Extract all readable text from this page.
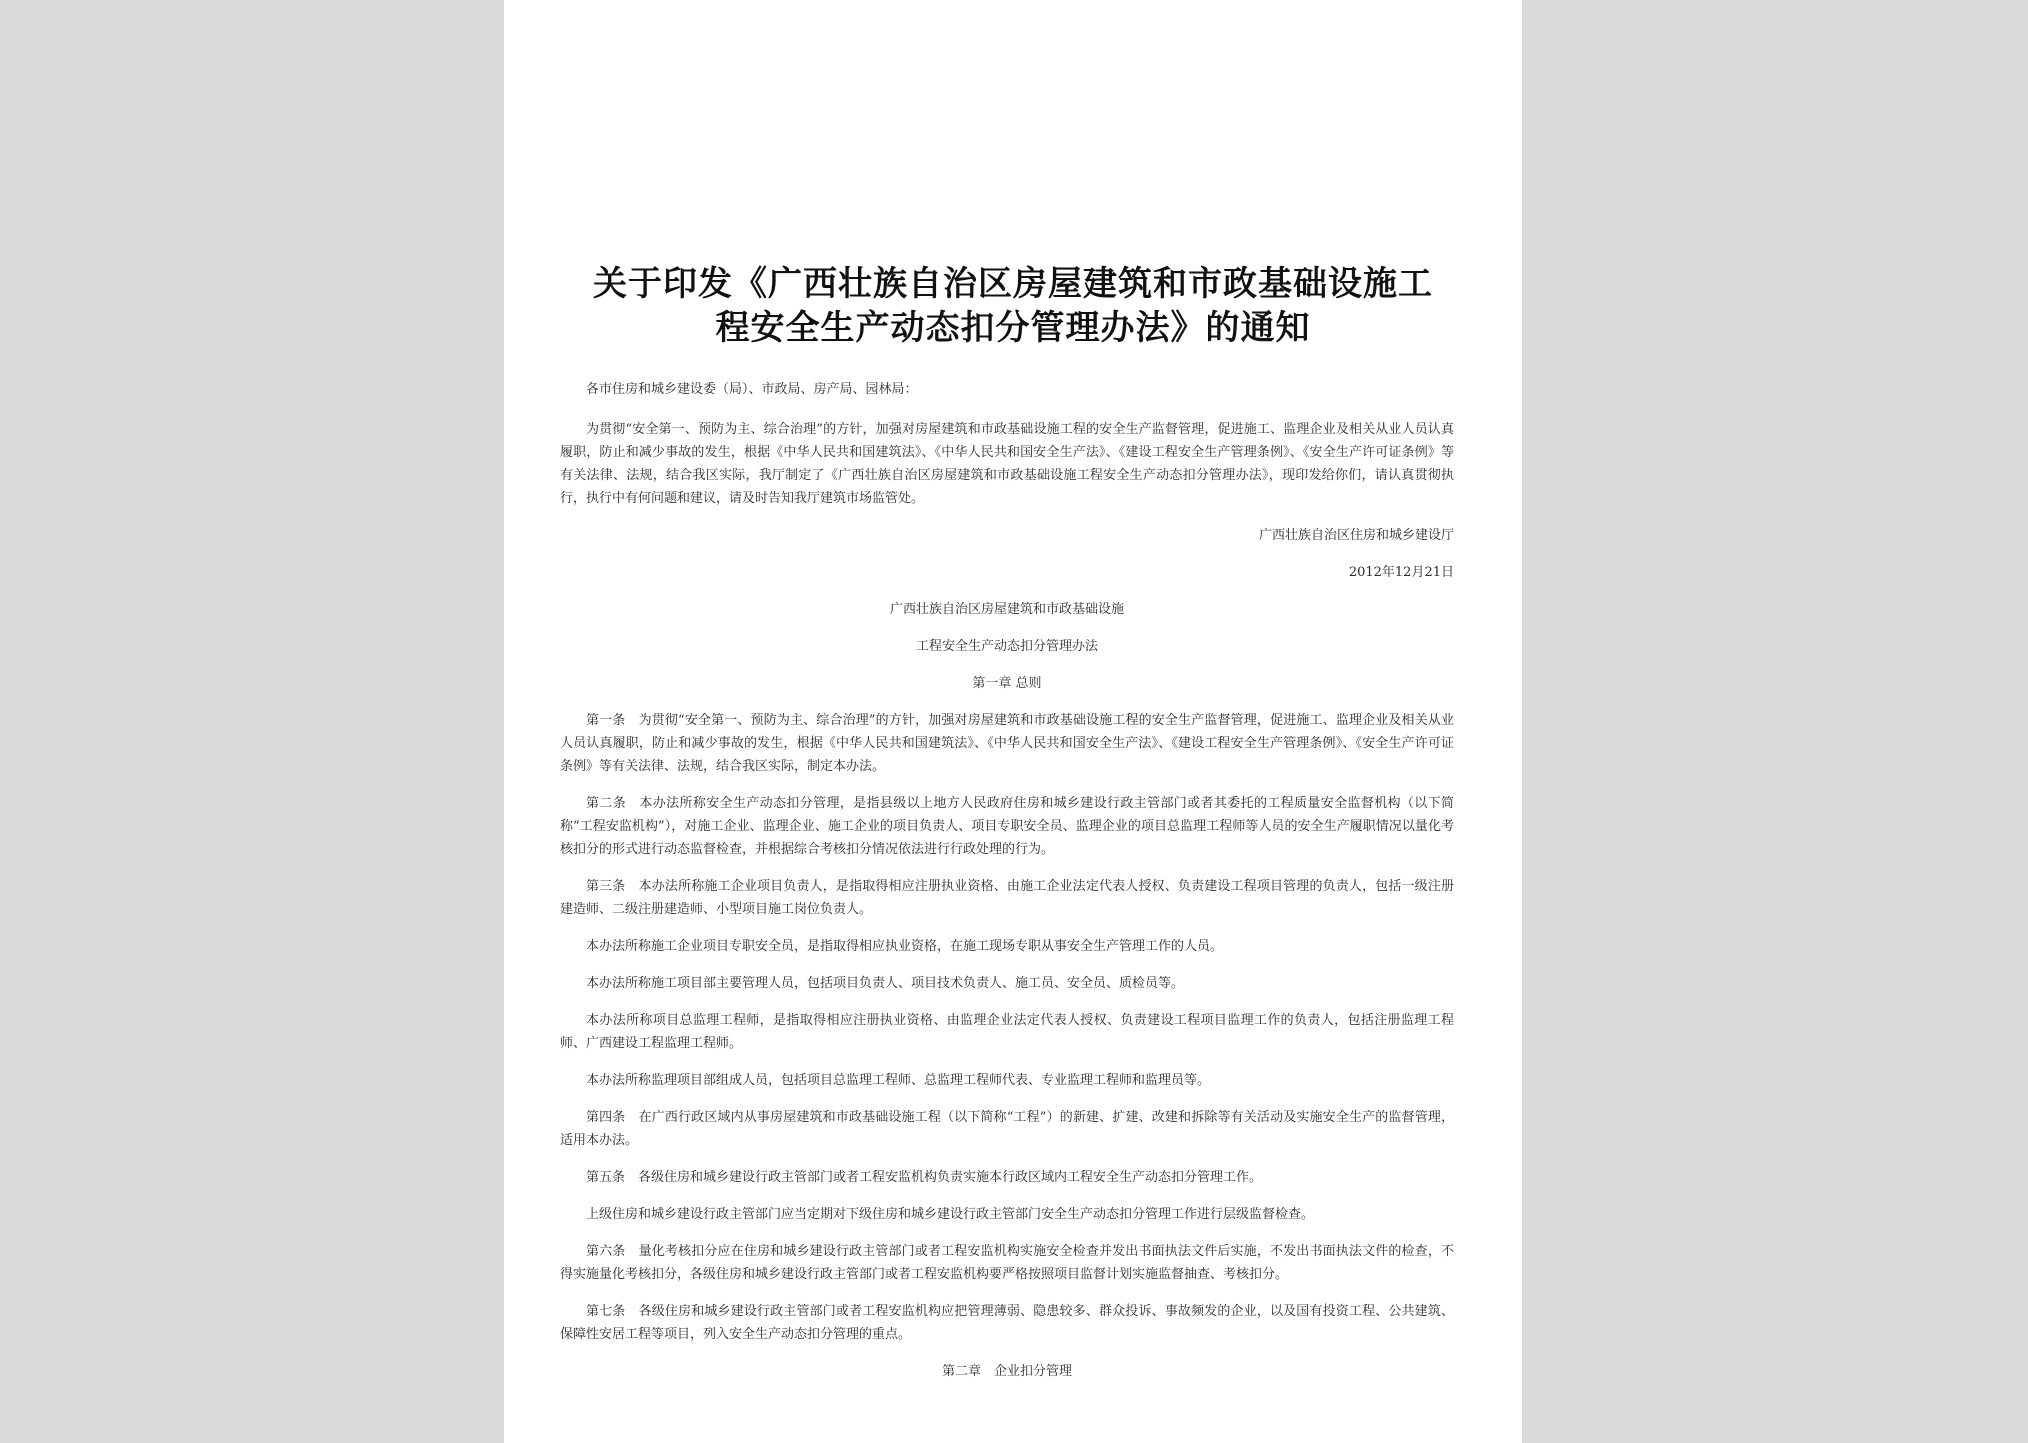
关于印发《广西壮族自治区房屋建筑和市政基础设施工
程安全生产动态扣分管理办法》的通知

各市住房和城乡建设委（局）、市政局、房产局、园林局：

为贯彻“安全第一、预防为主、综合治理”的方针，加强对房屋建筑和市政基础设施工程的安全生产监督管理，促进施工、监理企业及相关从业人员认真履职，防止和减少事故的发生，根据《中华人民共和国建筑法》、《中华人民共和国安全生产法》、《建设工程安全生产管理条例》、《安全生产许可证条例》等有关法律、法规，结合我区实际，我厅制定了《广西壮族自治区房屋建筑和市政基础设施工程安全生产动态扣分管理办法》，现印发给你们，请认真贯彻执行，执行中有何问题和建议，请及时告知我厅建筑市场监管处。

广西壮族自治区住房和城乡建设厅

2012年12月21日

广西壮族自治区房屋建筑和市政基础设施

工程安全生产动态扣分管理办法

第一章 总则

第一条　为贯彻“安全第一、预防为主、综合治理”的方针，加强对房屋建筑和市政基础设施工程的安全生产监督管理，促进施工、监理企业及相关从业人员认真履职，防止和减少事故的发生，根据《中华人民共和国建筑法》、《中华人民共和国安全生产法》、《建设工程安全生产管理条例》、《安全生产许可证条例》等有关法律、法规，结合我区实际，制定本办法。

第二条　本办法所称安全生产动态扣分管理，是指县级以上地方人民政府住房和城乡建设行政主管部门或者其委托的工程质量安全监督机构（以下简称“工程安监机构”），对施工企业、监理企业、施工企业的项目负责人、项目专职安全员、监理企业的项目总监理工程师等人员的安全生产履职情况以量化考核扣分的形式进行动态监督检查，并根据综合考核扣分情况依法进行行政处理的行为。

第三条　本办法所称施工企业项目负责人，是指取得相应注册执业资格、由施工企业法定代表人授权、负责建设工程项目管理的负责人，包括一级注册建造师、二级注册建造师、小型项目施工岗位负责人。

本办法所称施工企业项目专职安全员，是指取得相应执业资格，在施工现场专职从事安全生产管理工作的人员。

本办法所称施工项目部主要管理人员，包括项目负责人、项目技术负责人、施工员、安全员、质检员等。

本办法所称项目总监理工程师，是指取得相应注册执业资格、由监理企业法定代表人授权、负责建设工程项目监理工作的负责人，包括注册监理工程师、广西建设工程监理工程师。

本办法所称监理项目部组成人员，包括项目总监理工程师、总监理工程师代表、专业监理工程师和监理员等。

第四条　在广西行政区域内从事房屋建筑和市政基础设施工程（以下简称“工程”）的新建、扩建、改建和拆除等有关活动及实施安全生产的监督管理，适用本办法。

第五条　各级住房和城乡建设行政主管部门或者工程安监机构负责实施本行政区域内工程安全生产动态扣分管理工作。

上级住房和城乡建设行政主管部门应当定期对下级住房和城乡建设行政主管部门安全生产动态扣分管理工作进行层级监督检查。

第六条　量化考核扣分应在住房和城乡建设行政主管部门或者工程安监机构实施安全检查并发出书面执法文件后实施，不发出书面执法文件的检查，不得实施量化考核扣分，各级住房和城乡建设行政主管部门或者工程安监机构要严格按照项目监督计划实施监督抽查、考核扣分。

第七条　各级住房和城乡建设行政主管部门或者工程安监机构应把管理薄弱、隐患较多、群众投诉、事故频发的企业，以及国有投资工程、公共建筑、保障性安居工程等项目，列入安全生产动态扣分管理的重点。

第二章　企业扣分管理
